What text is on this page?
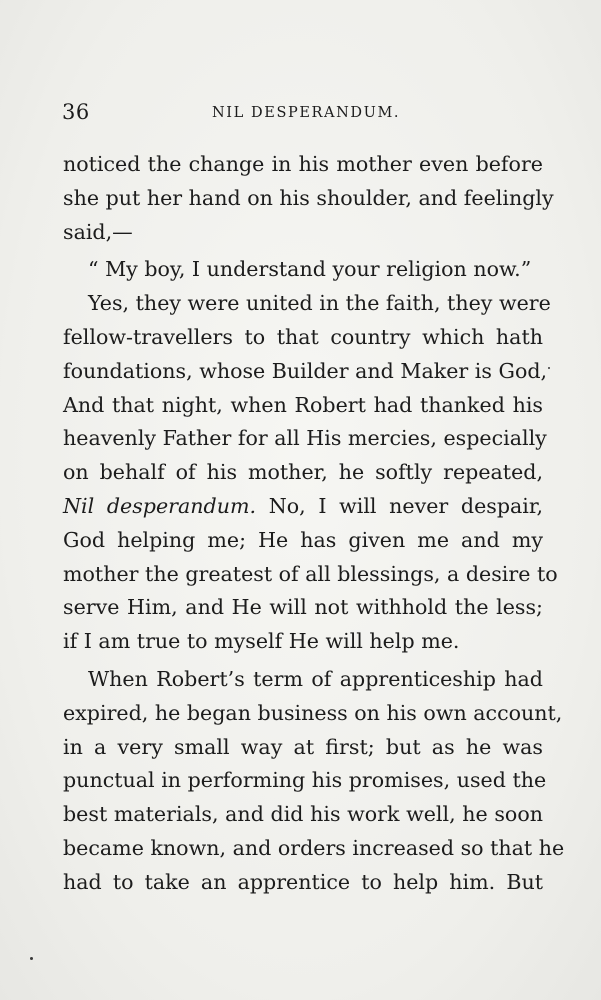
36	NIL DESPERANDUM.
noticed the change in his mother even before
she put her hand on his shoulder, and feelingly
said,—
“ My boy, I understand your religion now.”
Yes, they were united in the faith, they were
fellow-travellers to that country which hath
foundations, whose Builder and Maker is God,
And that night, when Robert had thanked his
heavenly Father for all His mercies, especially
on behalf of his mother, he softly repeated,
Nil desperandum. No, I will never despair,
God helping me; He has given me and my
mother the greatest of all blessings, a desire to
serve Him, and He will not withhold the less;
if I am true to myself He will help me.
When Robert’s term of apprenticeship had
expired, he began business on his own account,
in a very small way at first; but as he was
punctual in performing his promises, used the
best materials, and did his work well, he soon
became known, and orders increased so that he
had to take an apprentice to help him. But
